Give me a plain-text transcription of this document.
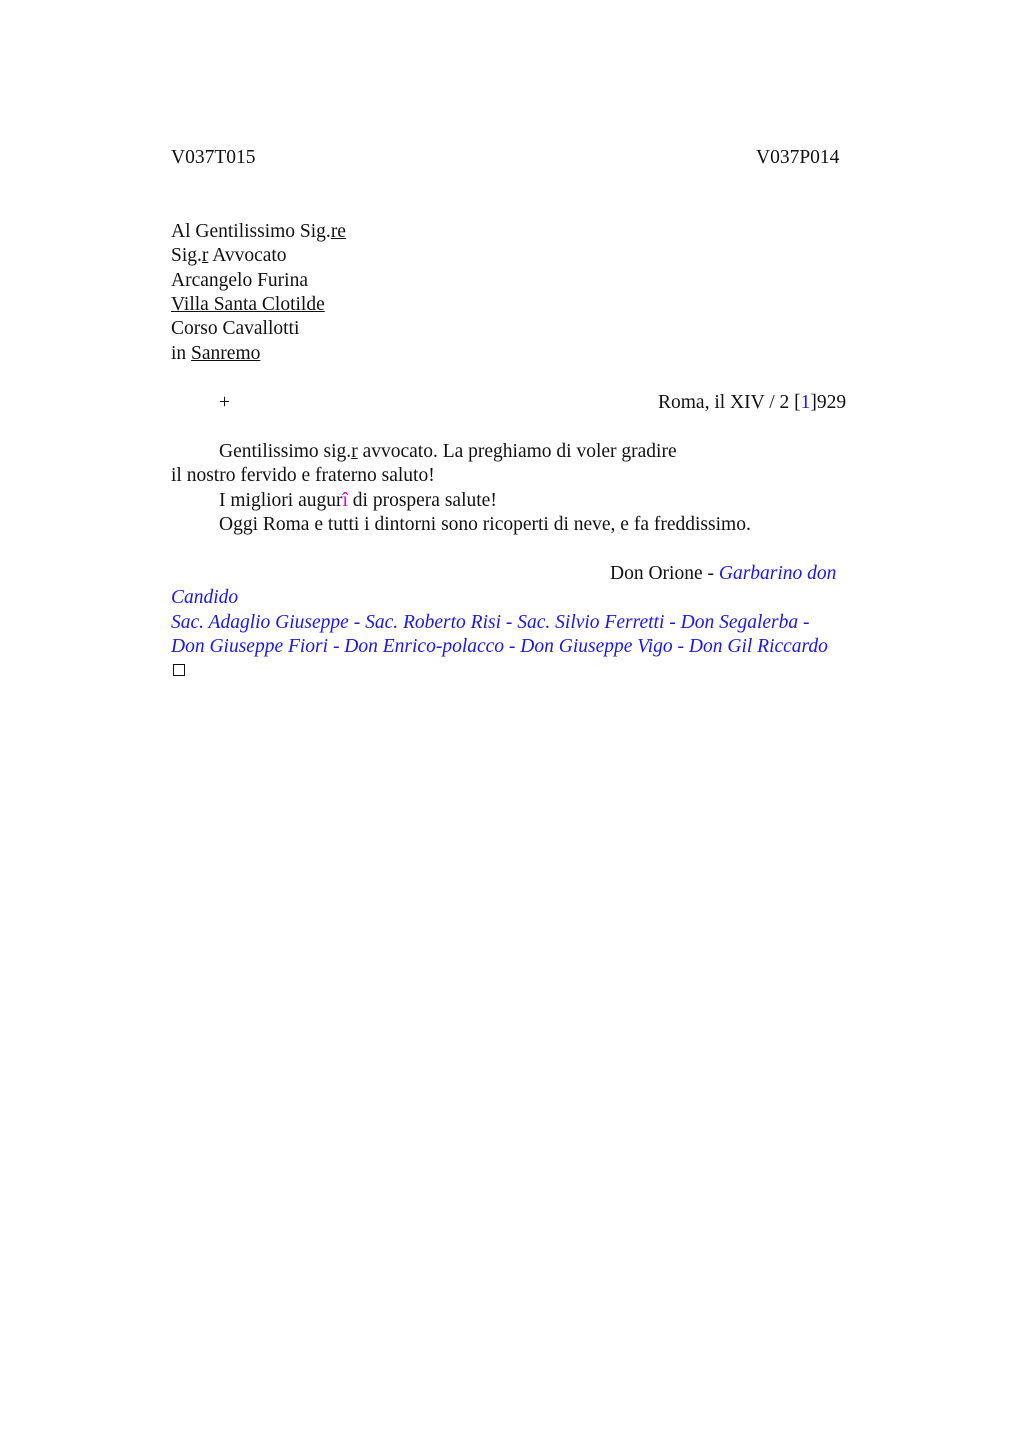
V037T015	V037P014
Al Gentilissimo Sig.re
Sig.r Avvocato
Arcangelo Furina
Villa Santa Clotilde
Corso Cavallotti
in Sanremo
+	Roma, il XIV / 2 [1]929
Gentilissimo sig.r avvocato. La preghiamo di voler gradire
il nostro fervido e fraterno saluto!
I migliori augurî di prospera salute!
Oggi Roma e tutti i dintorni sono ricoperti di neve, e fa freddissimo.
Don Orione - Garbarino don
Candido
Sac. Adaglio Giuseppe - Sac. Roberto Risi - Sac. Silvio Ferretti - Don Segalerba -
Don Giuseppe Fiori - Don Enrico-polacco - Don Giuseppe Vigo - Don Gil Riccardo
